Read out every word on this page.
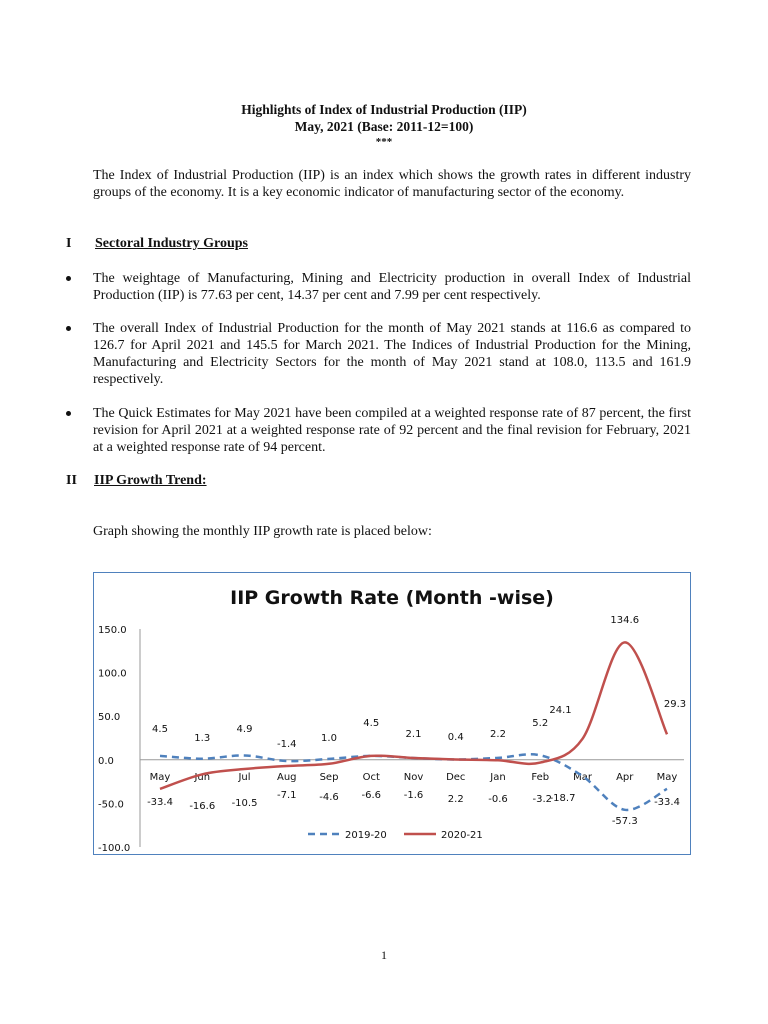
Highlights of Index of Industrial Production (IIP)
May, 2021 (Base: 2011-12=100)
***
The Index of Industrial Production (IIP) is an index which shows the growth rates in different industry groups of the economy. It is a key economic indicator of manufacturing sector of the economy.
I Sectoral Industry Groups
The weightage of Manufacturing, Mining and Electricity production in overall Index of Industrial Production (IIP) is 77.63 per cent, 14.37 per cent and 7.99 per cent respectively.
The overall Index of Industrial Production for the month of May 2021 stands at 116.6 as compared to 126.7 for April 2021 and 145.5 for March 2021. The Indices of Industrial Production for the Mining, Manufacturing and Electricity Sectors for the month of May 2021 stand at 108.0, 113.5 and 161.9 respectively.
The Quick Estimates for May 2021 have been compiled at a weighted response rate of 87 percent, the first revision for April 2021 at a weighted response rate of 92 percent and the final revision for February, 2021 at a weighted response rate of 94 percent.
II IIP Growth Trend:
Graph showing the monthly IIP growth rate is placed below:
IIP Growth Rate (Month -wise)
150.0
100.0
50.0
0.0
-50.0
-100.0
May Jun	Jul	Aug Sep Oct Nov Dec Jan	Feb Mar Apr May
4.5
1.3
4.9
-1.4
1.0
4.5
2.1	0.4	2.2
5.2
-18.7
-57.3
-33.4
-33.4 -16.6 -10.5
-7.1 -4.6 -6.6 -1.6 2.2 -0.6 -3.2
24.1
134.6
29.3
2019-20	2020-21
1
